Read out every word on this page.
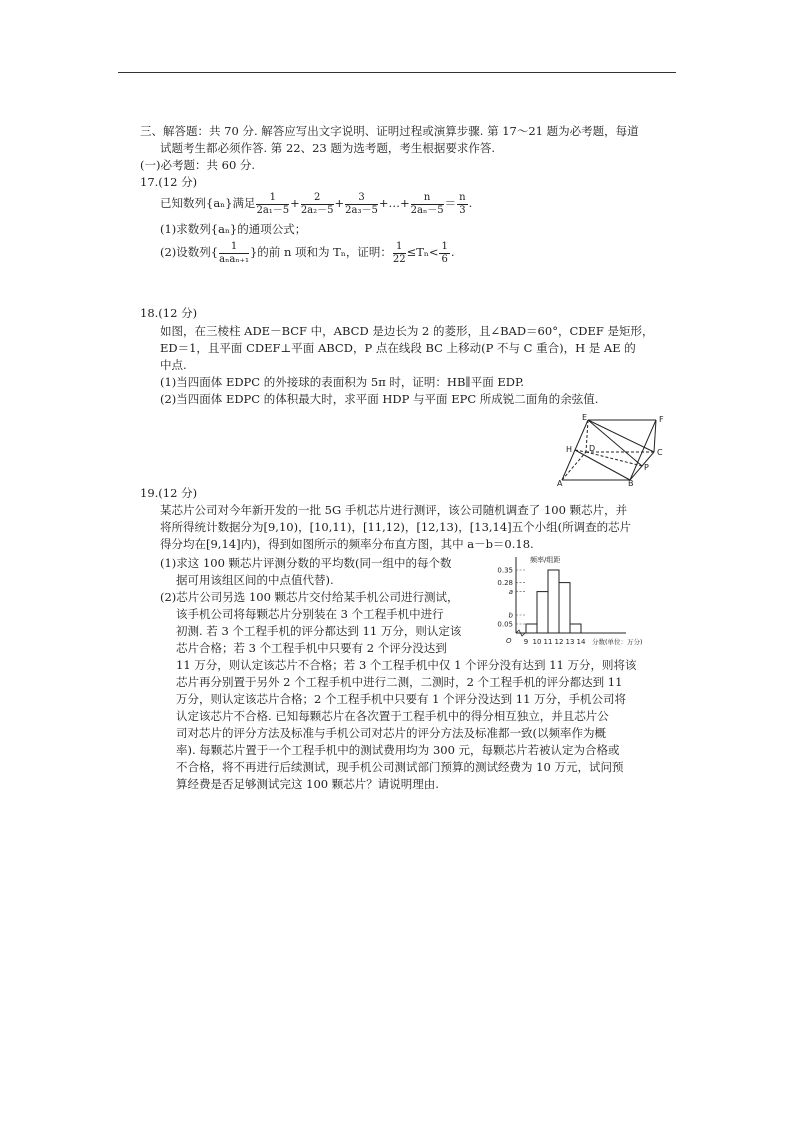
三、解答题：共 70 分. 解答应写出文字说明、证明过程或演算步骤. 第 17～21 题为必考题，每道
试题考生都必须作答. 第 22、23 题为选考题，考生根据要求作答.
(一)必考题：共 60 分.
17.(12 分)
已知数列{aₙ}满足 $\frac{1}{\text{2a₁－5}} + \frac{2}{\text{2a₂－5}} + \frac{3}{\text{2a₃－5}}$ +…+ $\frac{n}{\text{2aₙ－5}} = \frac{n}{3}$ .
(1)求数列{aₙ}的通项公式；
(2)设数列{ $\frac{1}{\text{aₙaₙ₊₁}}$ }的前 n 项和为 Tₙ，证明： $\frac{1}{22} \le T_n< \frac{1}{6}$ .
18.(12 分)
如图，在三棱柱 ADE－BCF 中，ABCD 是边长为 2 的菱形，且∠BAD＝60°，CDEF 是矩形，
ED＝1，且平面 CDEF⊥平面 ABCD，P 点在线段 BC 上移动(P 不与 C 重合)，H 是 AE 的
中点.
(1)当四面体 EDPC 的外接球的表面积为 5π 时，证明：HB∥平面 EDP.
(2)当四面体 EDPC 的体积最大时，求平面 HDP 与平面 EPC 所成锐二面角的余弦值.
E	F
H D	C
P
A	B
19.(12 分)
某芯片公司对今年新开发的一批 5G 手机芯片进行测评，该公司随机调查了 100 颗芯片，并
将所得统计数据分为[9,10)，[10,11)，[11,12)，[12,13)，[13,14]五个小组(所调查的芯片
得分均在[9,14]内)，得到如图所示的频率分布直方图，其中 a－b＝0.18.
(1)求这 100 颗芯片评测分数的平均数(同一组中的每个数
据可用该组区间的中点值代替).
(2)芯片公司另选 100 颗芯片交付给某手机公司进行测试，
该手机公司将每颗芯片分别装在 3 个工程手机中进行
初测. 若 3 个工程手机的评分都达到 11 万分，则认定该
芯片合格；若 3 个工程手机中只要有 2 个评分没达到
11 万分，则认定该芯片不合格；若 3 个工程手机中仅 1 个评分没有达到 11 万分，则将该
芯片再分别置于另外 2 个工程手机中进行二测，二测时，2 个工程手机的评分都达到 11
万分，则认定该芯片合格；2 个工程手机中只要有 1 个评分没达到 11 万分，手机公司将
认定该芯片不合格. 已知每颗芯片在各次置于工程手机中的得分相互独立，并且芯片公
司对芯片的评分方法及标准与手机公司对芯片的评分方法及标准都一致(以频率作为概
率). 每颗芯片置于一个工程手机中的测试费用均为 300 元，每颗芯片若被认定为合格或
不合格，将不再进行后续测试，现手机公司测试部门预算的测试经费为 10 万元，试问预
算经费是否足够测试完这 100 颗芯片？请说明理由.
频率/组距
分数(单位：万分)
O
0.35
0.28
a
b
0.05
9 10 11 12 13 14
